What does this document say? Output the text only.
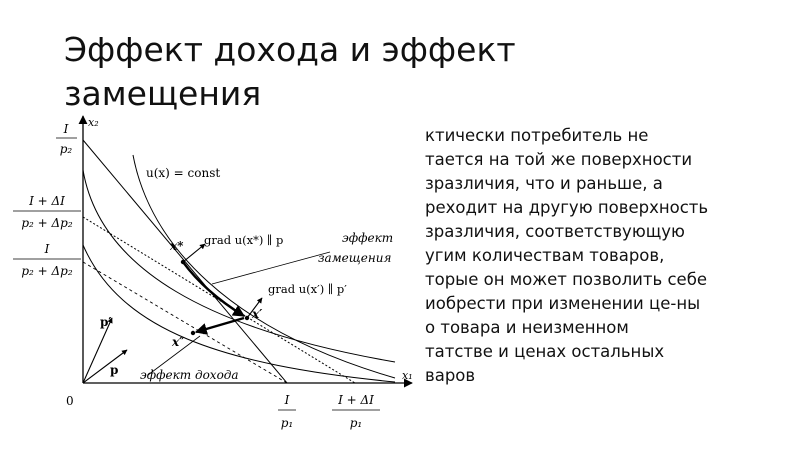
Эффект дохода и эффект
замещения
x₂
x₁
0
I
p₂
I + ΔI
p₂ + Δp₂
I
p₂ + Δp₂
I
p₁
I + ΔI
p₁
u(x) = const
x*
x′
x″
grad u(x*) ∥ p
grad u(x′) ∥ p′
эффект
замещения
эффект дохода
p
p′
ктически потребитель не
тается на той же поверхности
зразличия, что и раньше, а
реходит на другую поверхность
зразличия, соответствующую
угим количествам товаров,
торые он может позволить себе
иобрести при изменении це-ны
о товара и неизменном
татстве и ценах остальных
варов
